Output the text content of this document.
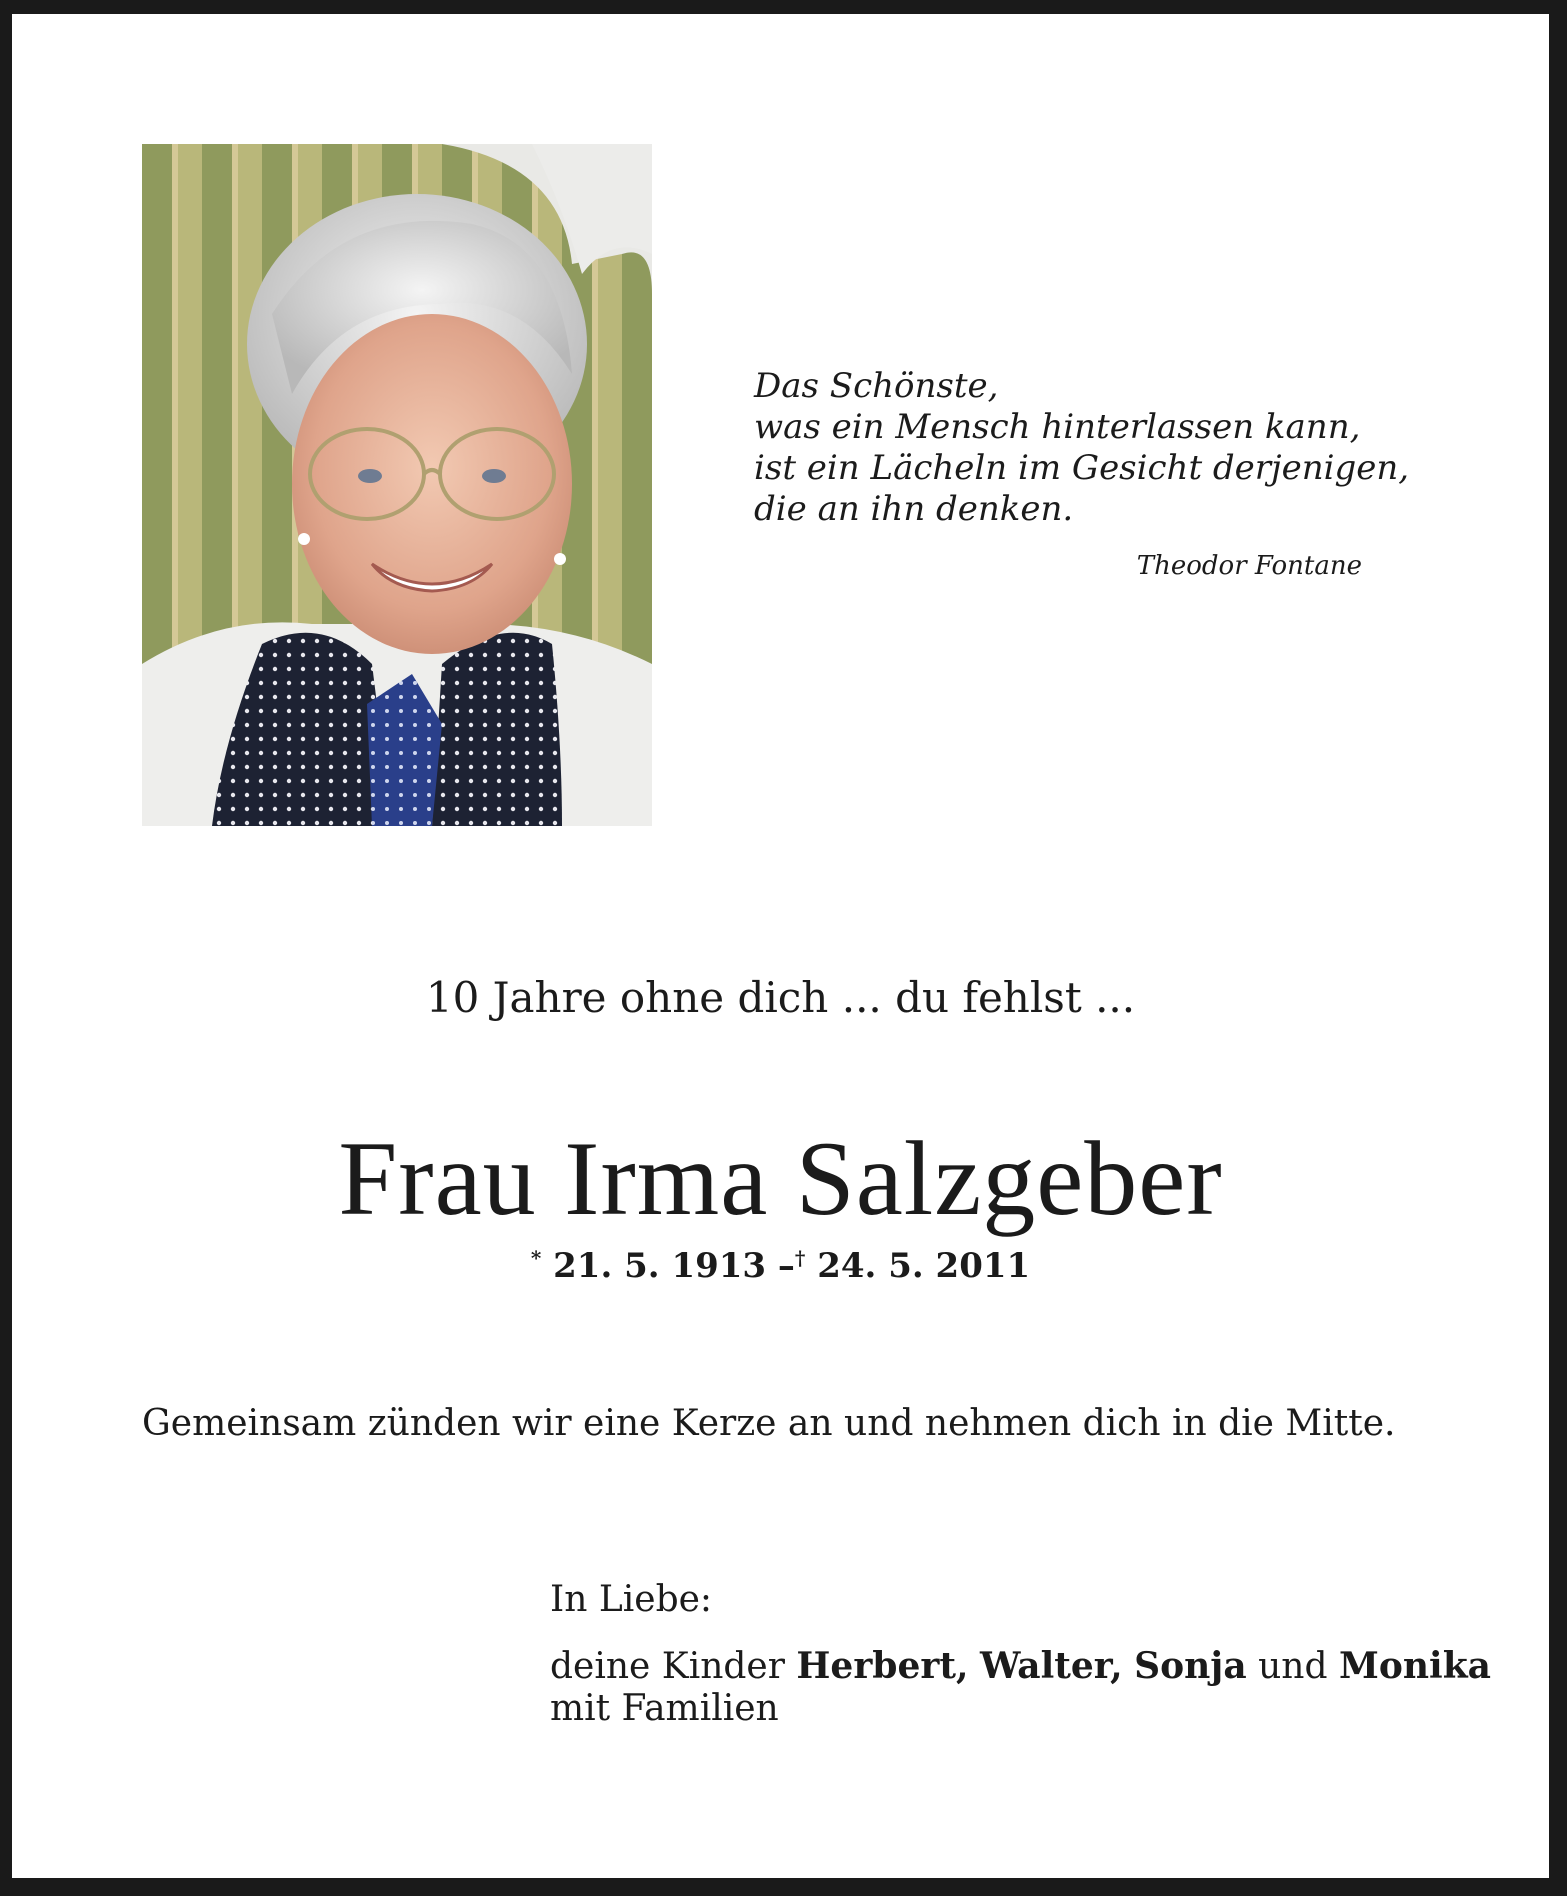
Das Schönste,
was ein Mensch hinterlassen kann,
ist ein Lächeln im Gesicht derjenigen,
die an ihn denken.
Theodor Fontane
10 Jahre ohne dich ... du fehlst ...
Frau Irma Salzgeber
* 21. 5. 1913 –† 24. 5. 2011
Gemeinsam zünden wir eine Kerze an und nehmen dich in die Mitte.
In Liebe:
deine Kinder Herbert, Walter, Sonja und Monika
mit Familien
